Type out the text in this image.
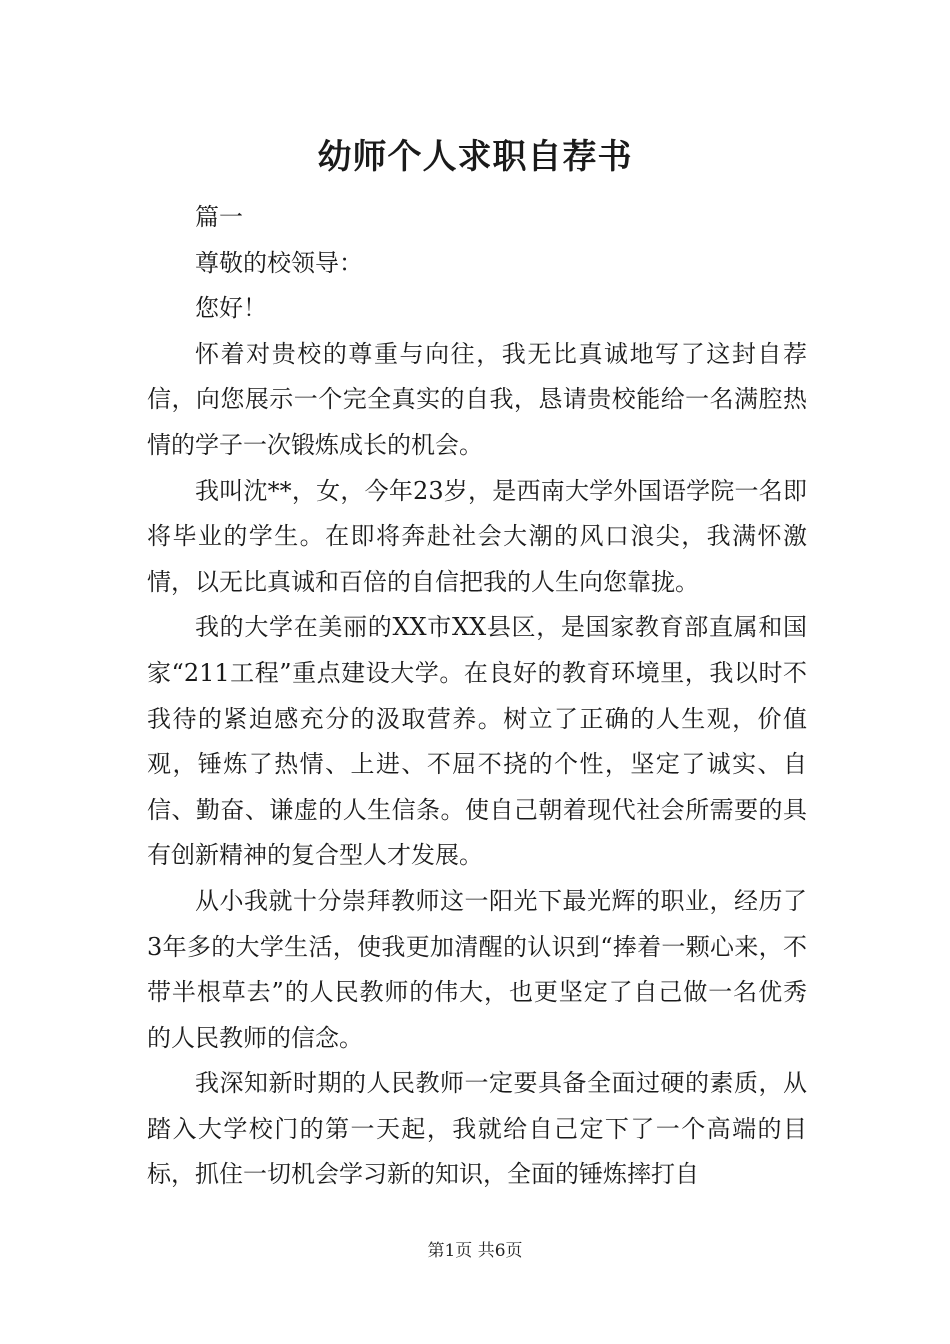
幼师个人求职自荐书

篇一

尊敬的校领导：

您好！

怀着对贵校的尊重与向往，我无比真诚地写了这封自荐信，向您展示一个完全真实的自我，恳请贵校能给一名满腔热情的学子一次锻炼成长的机会。

我叫沈**，女，今年23岁，是西南大学外国语学院一名即将毕业的学生。在即将奔赴社会大潮的风口浪尖，我满怀激情，以无比真诚和百倍的自信把我的人生向您靠拢。

我的大学在美丽的XX市XX县区，是国家教育部直属和国家“211工程”重点建设大学。在良好的教育环境里，我以时不我待的紧迫感充分的汲取营养。树立了正确的人生观，价值观，锤炼了热情、上进、不屈不挠的个性，坚定了诚实、自信、勤奋、谦虚的人生信条。使自己朝着现代社会所需要的具有创新精神的复合型人才发展。

从小我就十分崇拜教师这一阳光下最光辉的职业，经历了3年多的大学生活，使我更加清醒的认识到“捧着一颗心来，不带半根草去”的人民教师的伟大，也更坚定了自己做一名优秀的人民教师的信念。

我深知新时期的人民教师一定要具备全面过硬的素质，从踏入大学校门的第一天起，我就给自己定下了一个高端的目标，抓住一切机会学习新的知识，全面的锤炼摔打自

第1页 共6页
